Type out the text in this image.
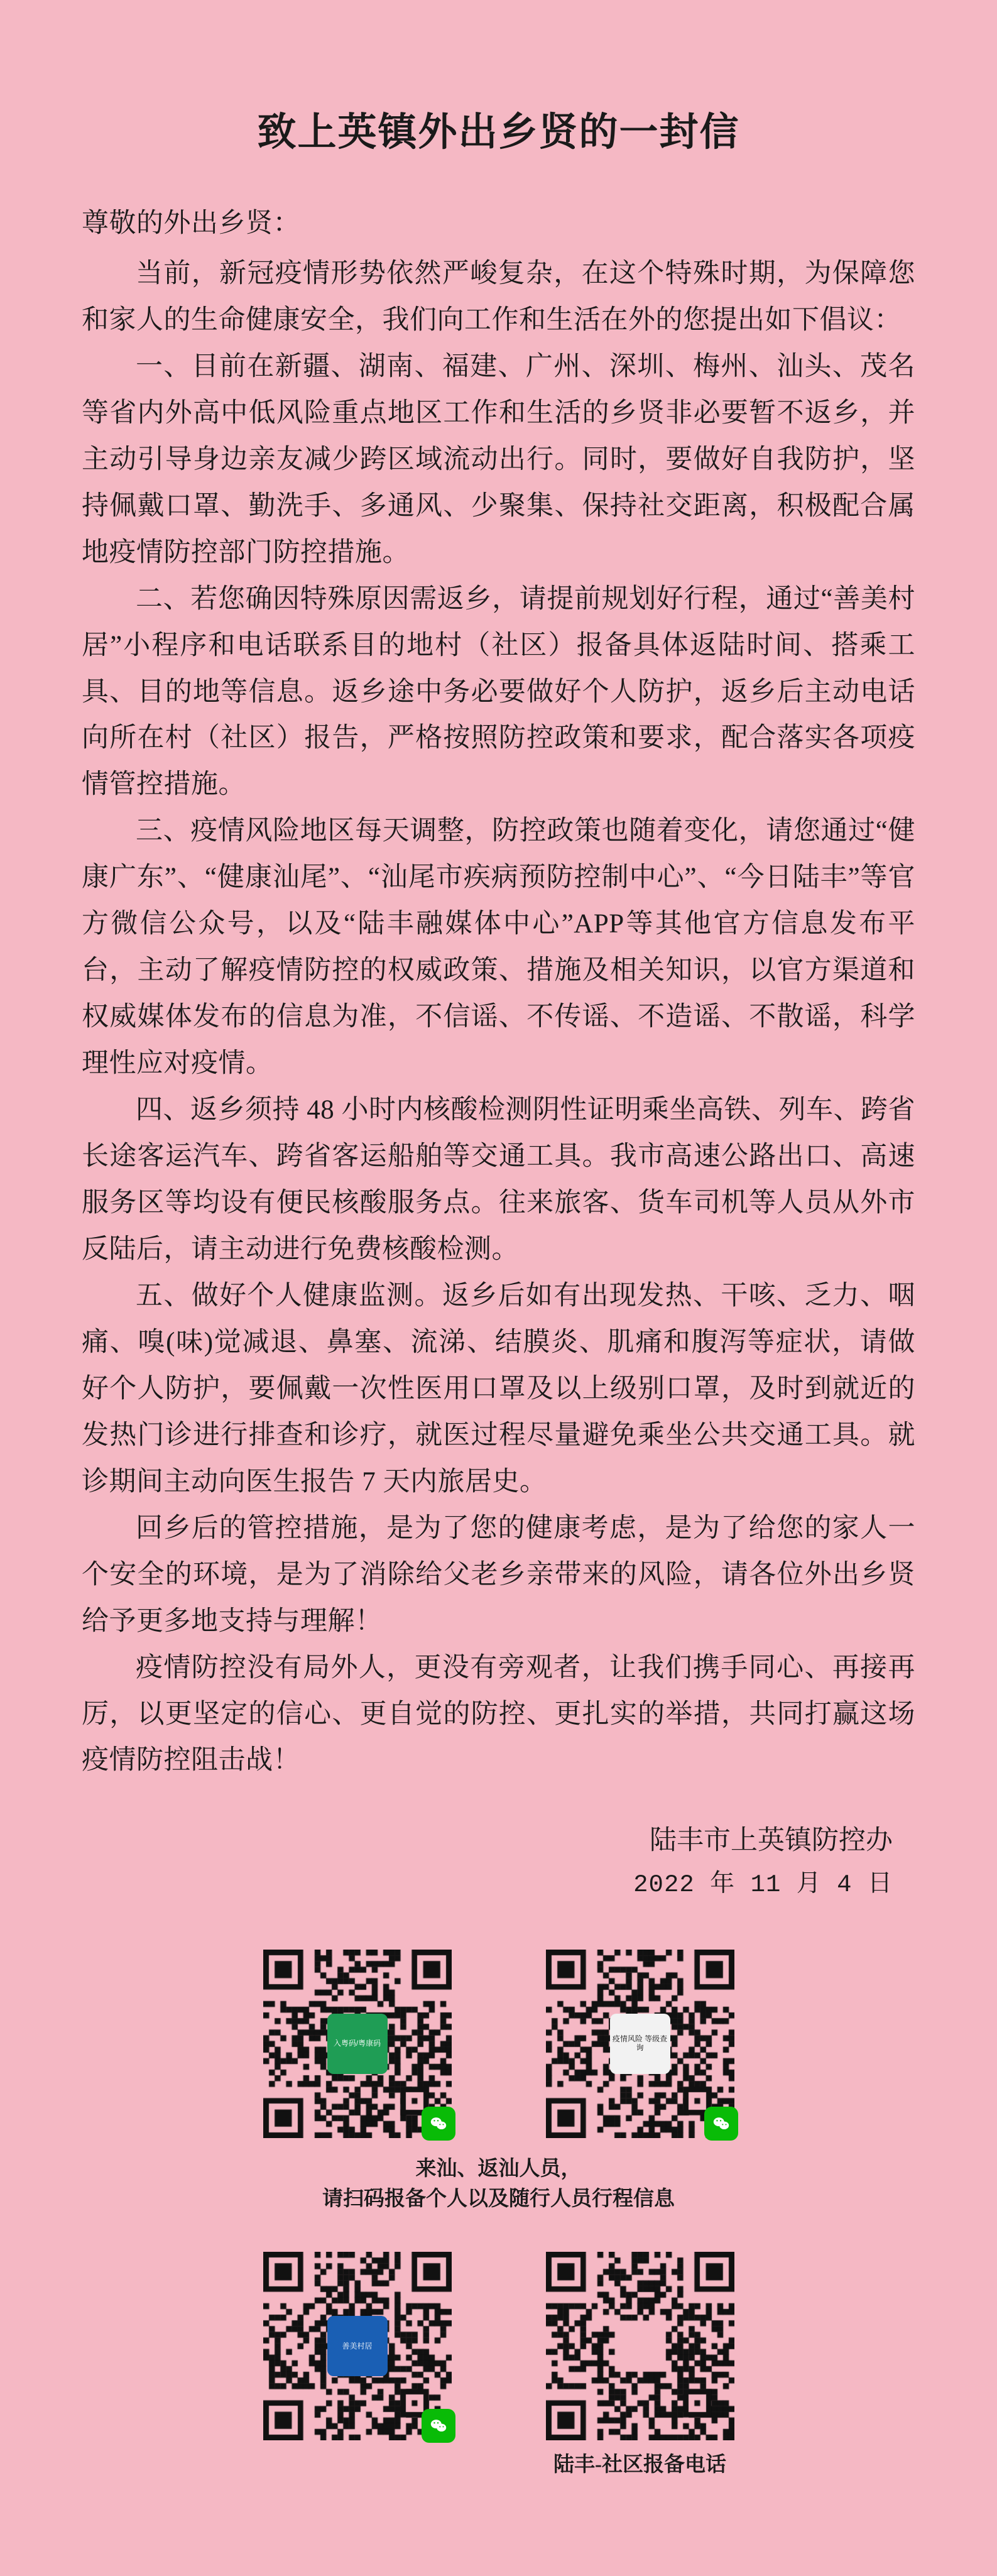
致上英镇外出乡贤的一封信

尊敬的外出乡贤：

当前，新冠疫情形势依然严峻复杂，在这个特殊时期，为保障您和家人的生命健康安全，我们向工作和生活在外的您提出如下倡议：

一、目前在新疆、湖南、福建、广州、深圳、梅州、汕头、茂名等省内外高中低风险重点地区工作和生活的乡贤非必要暂不返乡，并主动引导身边亲友减少跨区域流动出行。同时，要做好自我防护，坚持佩戴口罩、勤洗手、多通风、少聚集、保持社交距离，积极配合属地疫情防控部门防控措施。

二、若您确因特殊原因需返乡，请提前规划好行程，通过“善美村居”小程序和电话联系目的地村（社区）报备具体返陆时间、搭乘工具、目的地等信息。返乡途中务必要做好个人防护，返乡后主动电话向所在村（社区）报告，严格按照防控政策和要求，配合落实各项疫情管控措施。

三、疫情风险地区每天调整，防控政策也随着变化，请您通过“健康广东”、“健康汕尾”、“汕尾市疾病预防控制中心”、“今日陆丰”等官方微信公众号，以及“陆丰融媒体中心”APP等其他官方信息发布平台，主动了解疫情防控的权威政策、措施及相关知识，以官方渠道和权威媒体发布的信息为准，不信谣、不传谣、不造谣、不散谣，科学理性应对疫情。

四、返乡须持 48 小时内核酸检测阴性证明乘坐高铁、列车、跨省长途客运汽车、跨省客运船舶等交通工具。我市高速公路出口、高速服务区等均设有便民核酸服务点。往来旅客、货车司机等人员从外市反陆后，请主动进行免费核酸检测。

五、做好个人健康监测。返乡后如有出现发热、干咳、乏力、咽痛、嗅(味)觉减退、鼻塞、流涕、结膜炎、肌痛和腹泻等症状，请做好个人防护，要佩戴一次性医用口罩及以上级别口罩，及时到就近的发热门诊进行排查和诊疗，就医过程尽量避免乘坐公共交通工具。就诊期间主动向医生报告 7 天内旅居史。

回乡后的管控措施，是为了您的健康考虑，是为了给您的家人一个安全的环境，是为了消除给父老乡亲带来的风险，请各位外出乡贤给予更多地支持与理解！

疫情防控没有局外人，更没有旁观者，让我们携手同心、再接再厉，以更坚定的信心、更自觉的防控、更扎实的举措，共同打赢这场疫情防控阻击战！

陆丰市上英镇防控办
2022 年 11 月 4 日
入粤码/粤康码	疫情风险 等级查询
来汕、返汕人员，
请扫码报备个人以及随行人员行程信息
善美村居
陆丰-社区报备电话
